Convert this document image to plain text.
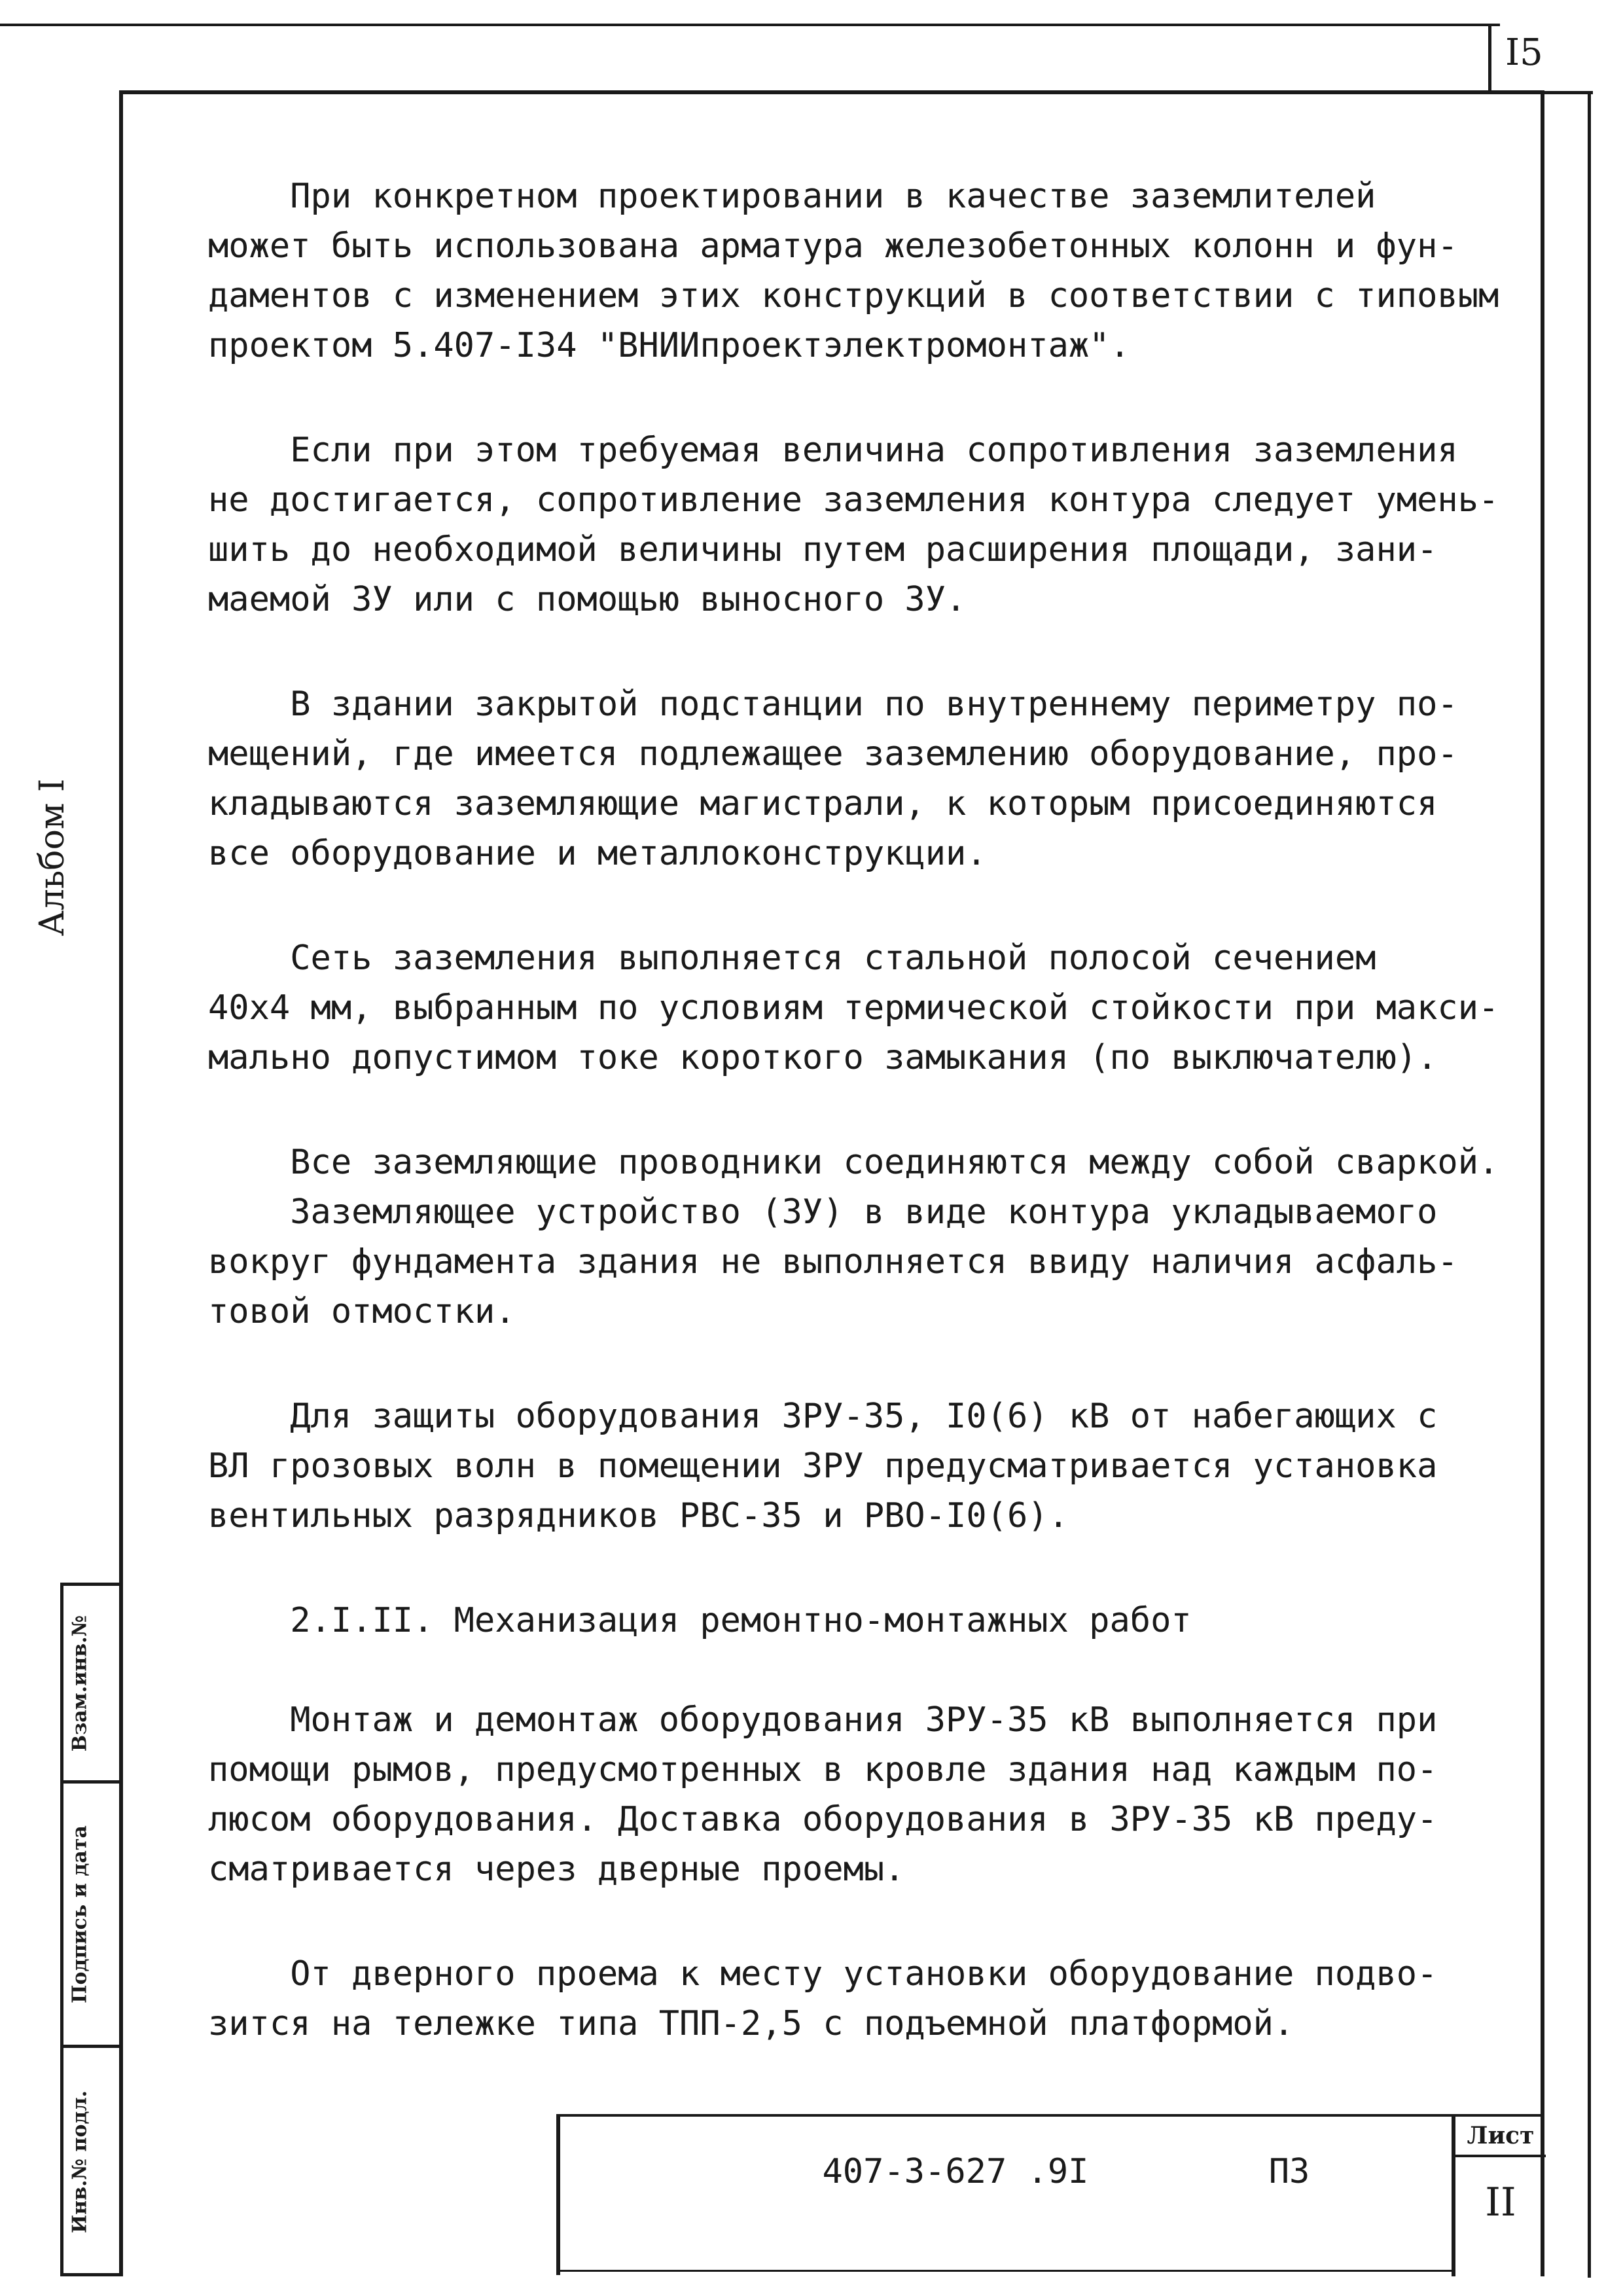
I5
Альбом I
Взам.инв.№
Подпись и дата
Инв.№ подл.

При конкретном проектировании в качестве заземлителей
может быть использована арматура железобетонных колонн и фун-
даментов с изменением этих конструкций в соответствии с типовым
проектом 5.407-I34 "ВНИИпроектэлектромонтаж".

Если при этом требуемая величина сопротивления заземления
не достигается, сопротивление заземления контура следует умень-
шить до необходимой величины путем расширения площади, зани-
маемой ЗУ или с помощью выносного ЗУ.

В здании закрытой подстанции по внутреннему периметру по-
мещений, где имеется подлежащее заземлению оборудование, про-
кладываются заземляющие магистрали, к которым присоединяются
все оборудование и металлоконструкции.

Сеть заземления выполняется стальной полосой сечением
40х4 мм, выбранным по условиям термической стойкости при макси-
мально допустимом токе короткого замыкания (по выключателю).

Все заземляющие проводники соединяются между собой сваркой.
Заземляющее устройство (ЗУ) в виде контура укладываемого
вокруг фундамента здания не выполняется ввиду наличия асфаль-
товой отмостки.

Для защиты оборудования ЗРУ-35, I0(6) кВ от набегающих с
ВЛ грозовых волн в помещении ЗРУ предусматривается установка
вентильных разрядников РВС-35 и РВО-I0(6).

2.I.II. Механизация ремонтно-монтажных работ

Монтаж и демонтаж оборудования ЗРУ-35 кВ выполняется при
помощи рымов, предусмотренных в кровле здания над каждым по-
люсом оборудования. Доставка оборудования в ЗРУ-35 кВ преду-
сматривается через дверные проемы.

От дверного проема к месту установки оборудование подво-
зится на тележке типа ТПП-2,5 с подъемной платформой.

Лист
II
407-3-627 .9I	ПЗ
